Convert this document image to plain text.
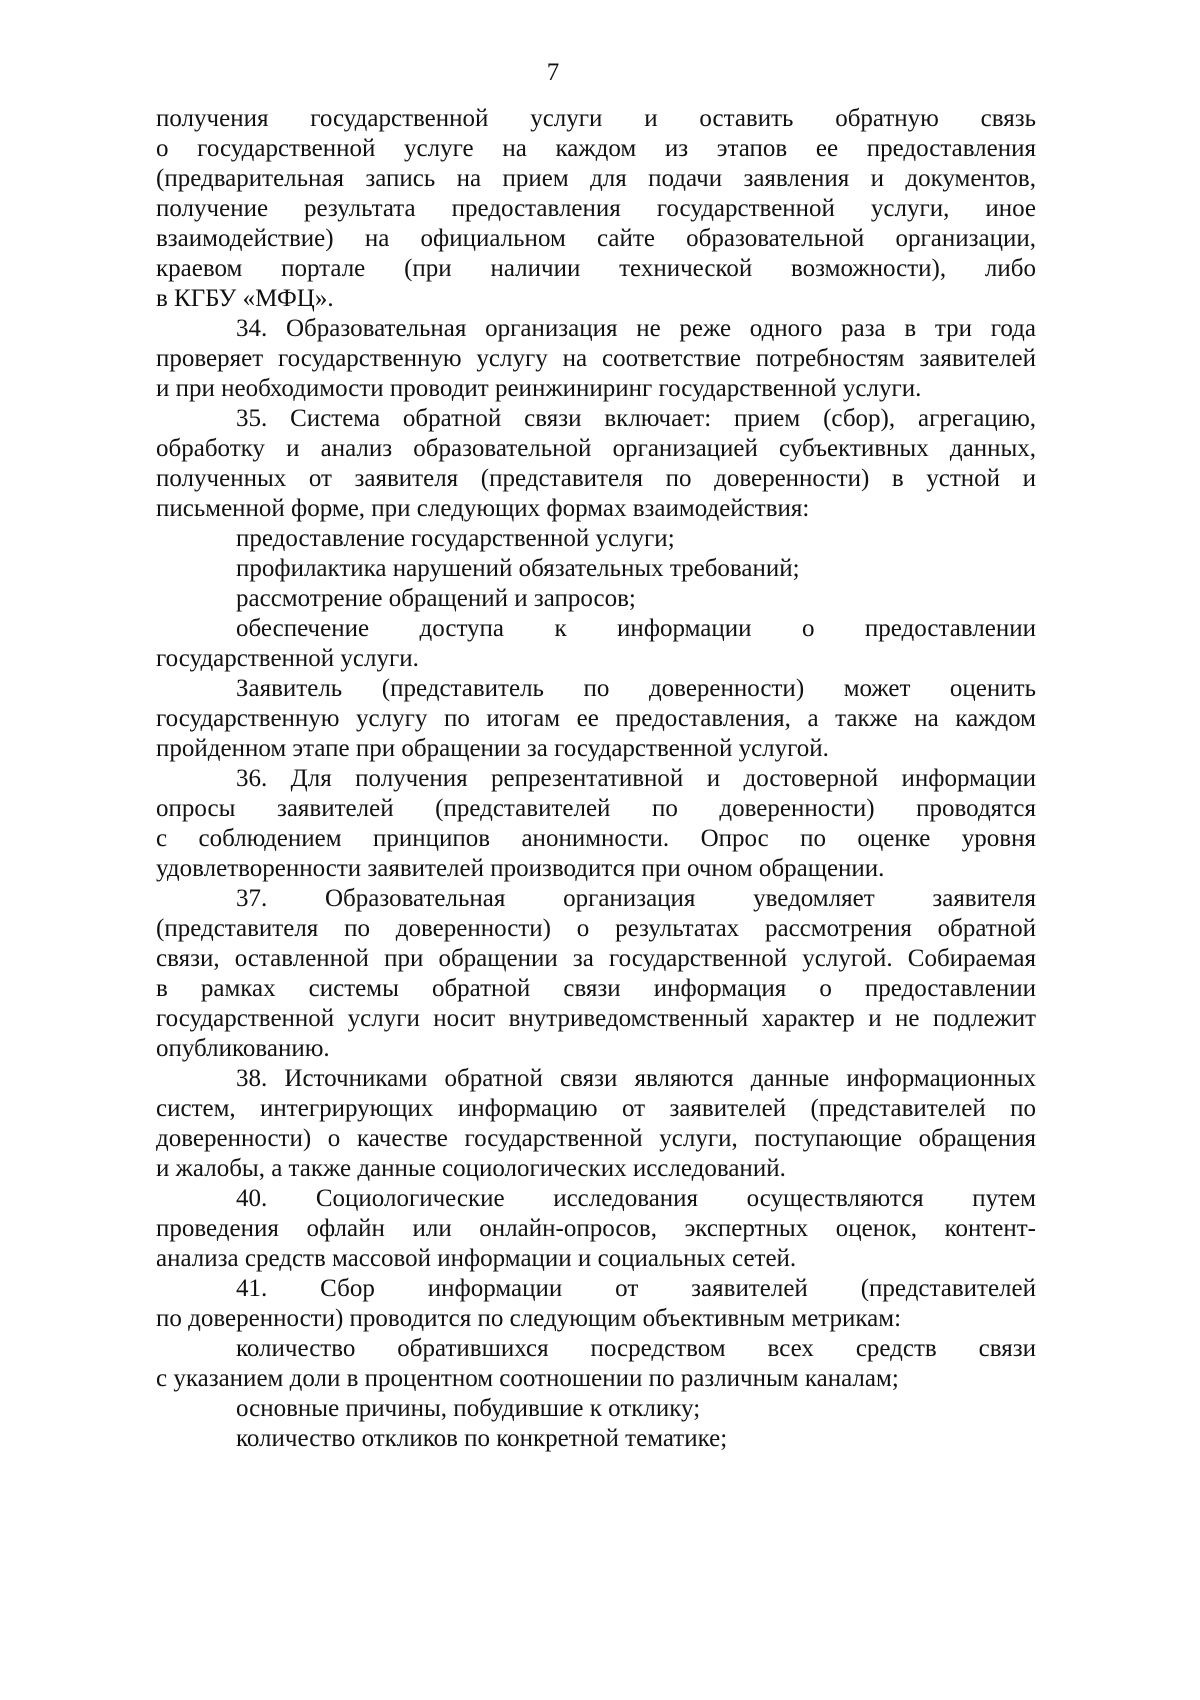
7
получения государственной услуги и оставить обратную связь
о государственной услуге на каждом из этапов ее предоставления
(предварительная запись на прием для подачи заявления и документов,
получение результата предоставления государственной услуги, иное
взаимодействие) на официальном сайте образовательной организации,
краевом портале (при наличии технической возможности), либо
в КГБУ «МФЦ».
34. Образовательная организация не реже одного раза в три года
проверяет государственную услугу на соответствие потребностям заявителей
и при необходимости проводит реинжиниринг государственной услуги.
35. Система обратной связи включает: прием (сбор), агрегацию,
обработку и анализ образовательной организацией субъективных данных,
полученных от заявителя (представителя по доверенности) в устной и
письменной форме, при следующих формах взаимодействия:
предоставление государственной услуги;
профилактика нарушений обязательных требований;
рассмотрение обращений и запросов;
обеспечение доступа к информации о предоставлении
государственной услуги.
Заявитель (представитель по доверенности) может оценить
государственную услугу по итогам ее предоставления, а также на каждом
пройденном этапе при обращении за государственной услугой.
36. Для получения репрезентативной и достоверной информации
опросы заявителей (представителей по доверенности) проводятся
с соблюдением принципов анонимности. Опрос по оценке уровня
удовлетворенности заявителей производится при очном обращении.
37. Образовательная организация уведомляет заявителя
(представителя по доверенности) о результатах рассмотрения обратной
связи, оставленной при обращении за государственной услугой. Собираемая
в рамках системы обратной связи информация о предоставлении
государственной услуги носит внутриведомственный характер и не подлежит
опубликованию.
38. Источниками обратной связи являются данные информационных
систем, интегрирующих информацию от заявителей (представителей по
доверенности) о качестве государственной услуги, поступающие обращения
и жалобы, а также данные социологических исследований.
40. Социологические исследования осуществляются путем
проведения офлайн или онлайн-опросов, экспертных оценок, контент-
анализа средств массовой информации и социальных сетей.
41. Сбор информации от заявителей (представителей
по доверенности) проводится по следующим объективным метрикам:
количество обратившихся посредством всех средств связи
с указанием доли в процентном соотношении по различным каналам;
основные причины, побудившие к отклику;
количество откликов по конкретной тематике;
